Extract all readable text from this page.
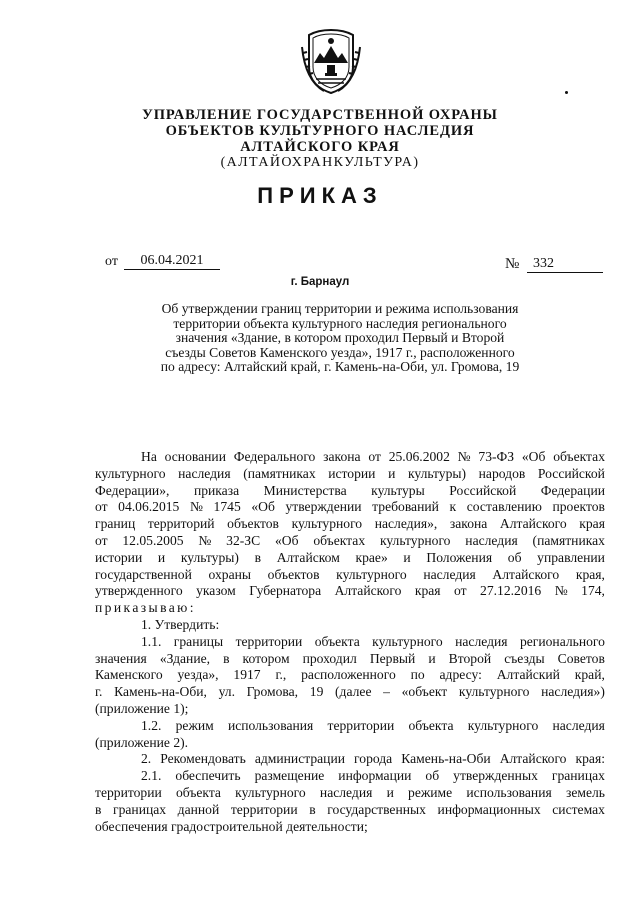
УПРАВЛЕНИЕ ГОСУДАРСТВЕННОЙ ОХРАНЫ
ОБЪЕКТОВ КУЛЬТУРНОГО НАСЛЕДИЯ
АЛТАЙСКОГО КРАЯ
(АЛТАЙОХРАНКУЛЬТУРА)
ПРИКАЗ
от	06.04.2021	№ 332
г. Барнаул
Об утверждении границ территории и режима использования
территории объекта культурного наследия регионального
значения «Здание, в котором проходил Первый и Второй
съезды Советов Каменского уезда», 1917 г., расположенного
по адресу: Алтайский край, г. Камень-на-Оби, ул. Громова, 19
На основании Федерального закона от 25.06.2002 № 73-ФЗ «Об объектах
культурного наследия (памятниках истории и культуры) народов Российской
Федерации», приказа Министерства культуры Российской Федерации
от 04.06.2015 № 1745 «Об утверждении требований к составлению проектов
границ территорий объектов культурного наследия», закона Алтайского края
от 12.05.2005 № 32-ЗС «Об объектах культурного наследия (памятниках
истории и культуры) в Алтайском крае» и Положения об управлении
государственной охраны объектов культурного наследия Алтайского края,
утвержденного указом Губернатора Алтайского края от 27.12.2016 № 174,
приказываю:
1. Утвердить:
1.1. границы территории объекта культурного наследия регионального
значения «Здание, в котором проходил Первый и Второй съезды Советов
Каменского уезда», 1917 г., расположенного по адресу: Алтайский край,
г. Камень-на-Оби, ул. Громова, 19 (далее – «объект культурного наследия»)
(приложение 1);
1.2. режим использования территории объекта культурного наследия
(приложение 2).
2. Рекомендовать администрации города Камень-на-Оби Алтайского края:
2.1. обеспечить размещение информации об утвержденных границах
территории объекта культурного наследия и режиме использования земель
в границах данной территории в государственных информационных системах
обеспечения градостроительной деятельности;
